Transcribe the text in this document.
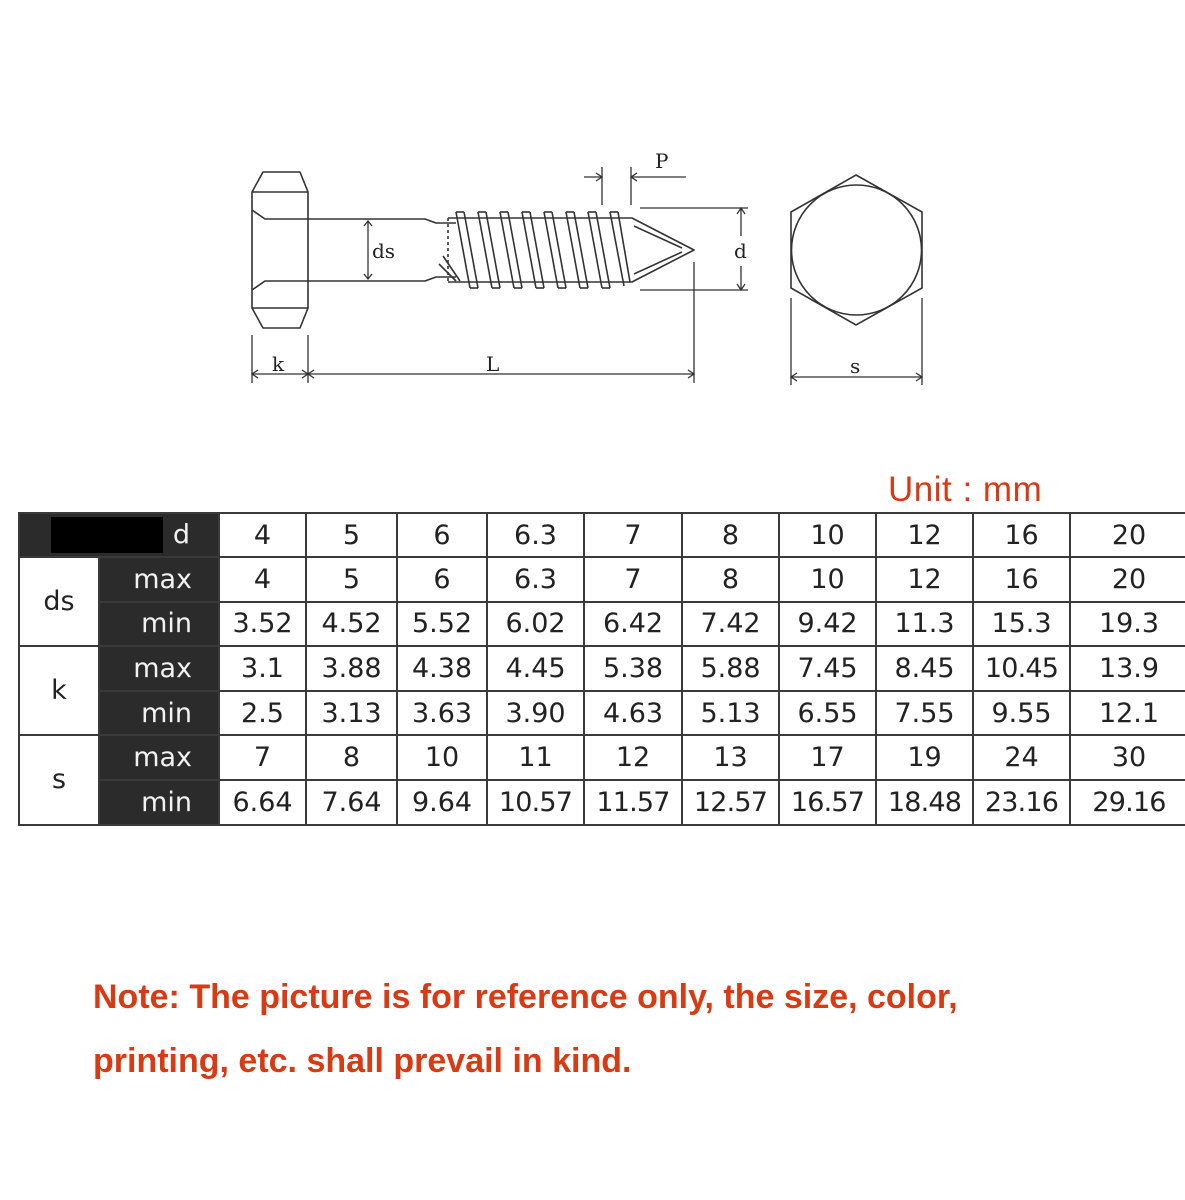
k	L
ds
P
d
s
Unit : mm
d		4	5	6	6.3	7	8	10	12	16	20
ds	max	4	5	6	6.3	7	8	10	12	16	20
	min	3.52	4.52	5.52	6.02	6.42	7.42	9.42	11.3	15.3	19.3
k	max	3.1	3.88	4.38	4.45	5.38	5.88	7.45	8.45	10.45	13.9
	min	2.5	3.13	3.63	3.90	4.63	5.13	6.55	7.55	9.55	12.1
s	max	7	8	10	11	12	13	17	19	24	30
	min	6.64	7.64	9.64	10.57	11.57	12.57	16.57	18.48	23.16	29.16
Note: The picture is for reference only, the size, color,
printing, etc. shall prevail in kind.
